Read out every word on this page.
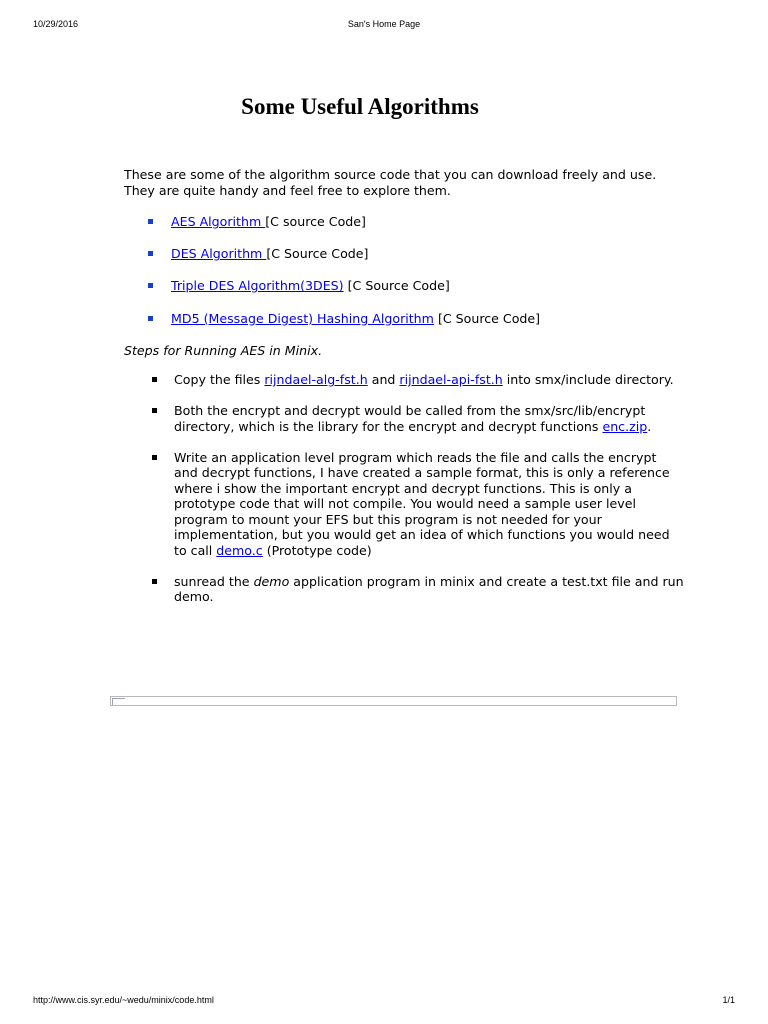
10/29/2016	San's Home Page
Some Useful Algorithms

These are some of the algorithm source code that you can download freely and use. They are quite handy and feel free to explore them.

AES Algorithm [C source Code]
DES Algorithm [C Source Code]
Triple DES Algorithm(3DES) [C Source Code]
MD5 (Message Digest) Hashing Algorithm [C Source Code]

Steps for Running AES in Minix.

Copy the files rijndael-alg-fst.h and rijndael-api-fst.h into smx/include directory.
Both the encrypt and decrypt would be called from the smx/src/lib/encrypt directory, which is the library for the encrypt and decrypt functions enc.zip.
Write an application level program which reads the file and calls the encrypt and decrypt functions, I have created a sample format, this is only a reference where i show the important encrypt and decrypt functions. This is only a prototype code that will not compile. You would need a sample user level program to mount your EFS but this program is not needed for your implementation, but you would get an idea of which functions you would need to call demo.c (Prototype code)
sunread the demo application program in minix and create a test.txt file and run demo.
http://www.cis.syr.edu/~wedu/minix/code.html	1/1
